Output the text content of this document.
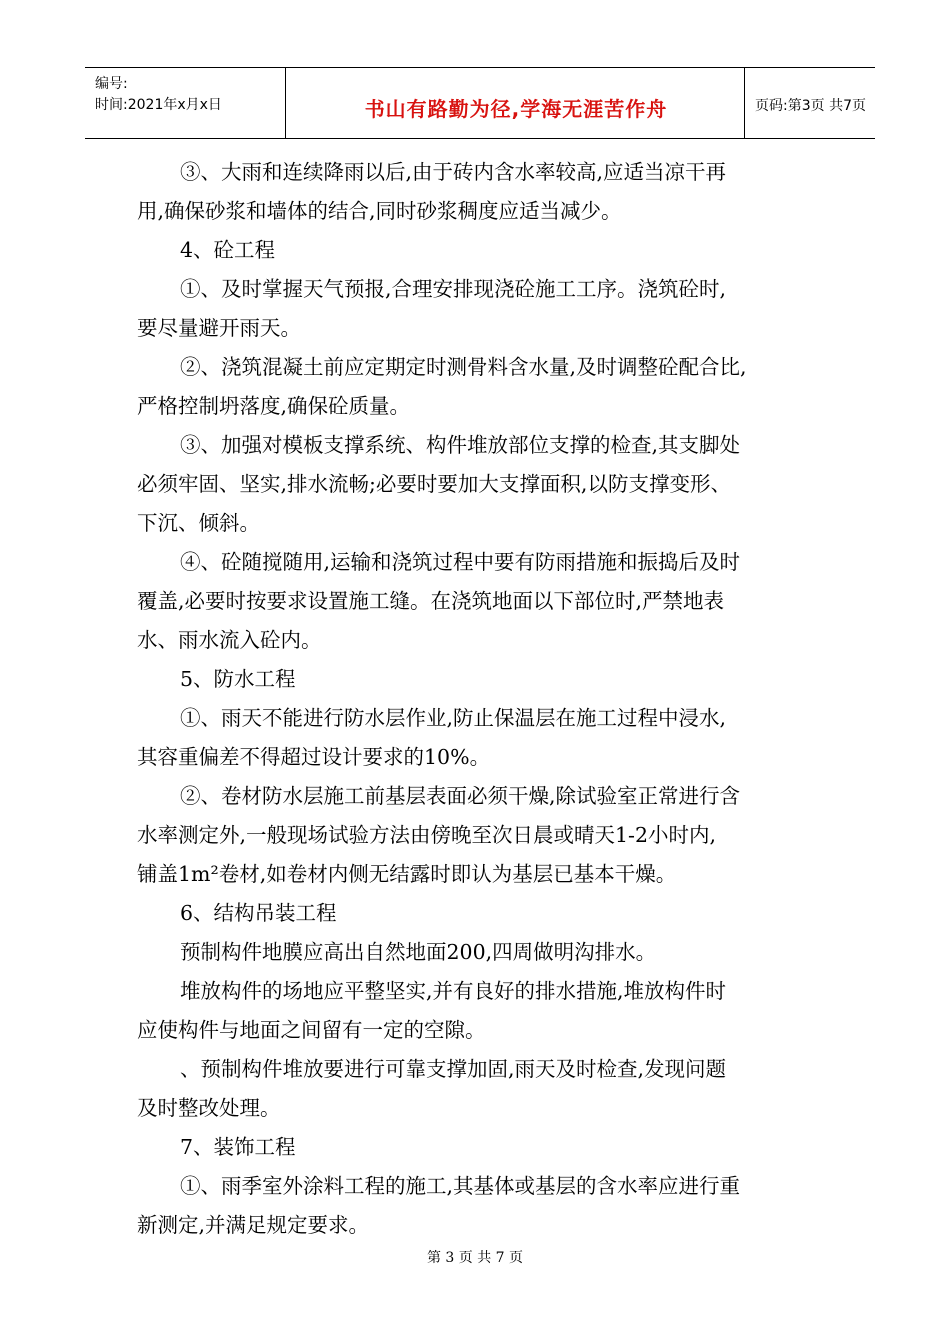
编号:
时间:2021年x月x日	书山有路勤为径,学海无涯苦作舟	页码:第3页 共7页
③、大雨和连续降雨以后,由于砖内含水率较高,应适当凉干再
用,确保砂浆和墙体的结合,同时砂浆稠度应适当减少。
4、砼工程
①、及时掌握天气预报,合理安排现浇砼施工工序。浇筑砼时,
要尽量避开雨天。
②、浇筑混凝土前应定期定时测骨料含水量,及时调整砼配合比,
严格控制坍落度,确保砼质量。
③、加强对模板支撑系统、构件堆放部位支撑的检查,其支脚处
必须牢固、坚实,排水流畅;必要时要加大支撑面积,以防支撑变形、
下沉、倾斜。
④、砼随搅随用,运输和浇筑过程中要有防雨措施和振捣后及时
覆盖,必要时按要求设置施工缝。在浇筑地面以下部位时,严禁地表
水、雨水流入砼内。
5、防水工程
①、雨天不能进行防水层作业,防止保温层在施工过程中浸水,
其容重偏差不得超过设计要求的10%。
②、卷材防水层施工前基层表面必须干燥,除试验室正常进行含
水率测定外,一般现场试验方法由傍晚至次日晨或晴天1-2小时内,
铺盖1m²卷材,如卷材内侧无结露时即认为基层已基本干燥。
6、结构吊装工程
预制构件地膜应高出自然地面200,四周做明沟排水。
堆放构件的场地应平整坚实,并有良好的排水措施,堆放构件时
应使构件与地面之间留有一定的空隙。
、预制构件堆放要进行可靠支撑加固,雨天及时检查,发现问题
及时整改处理。
7、装饰工程
①、雨季室外涂料工程的施工,其基体或基层的含水率应进行重
新测定,并满足规定要求。
第 3 页 共 7 页
